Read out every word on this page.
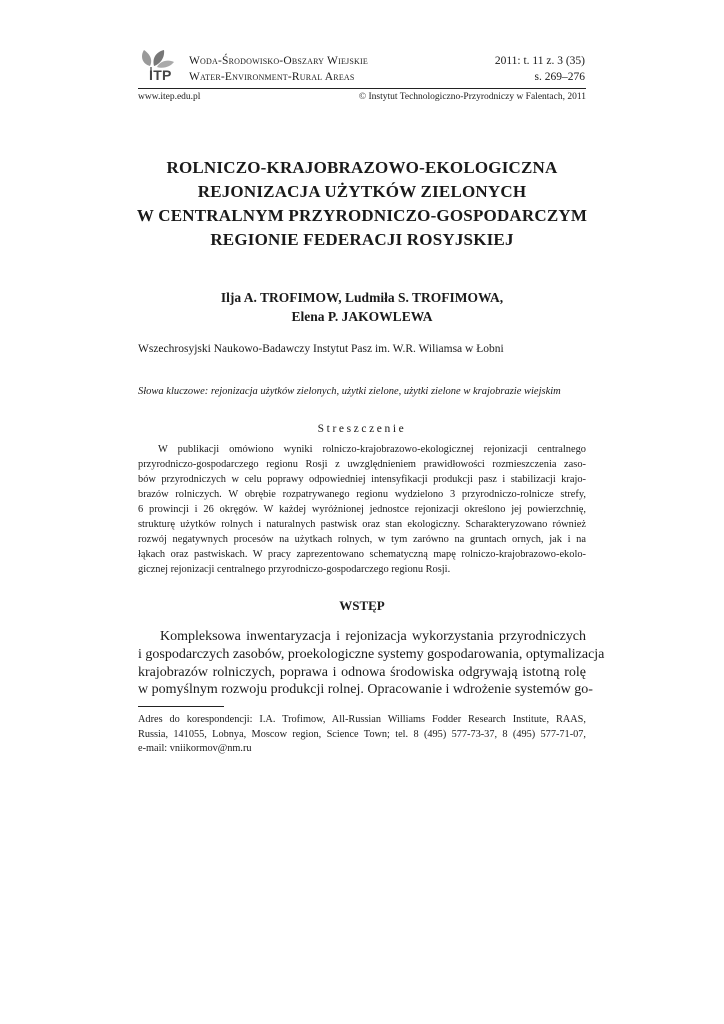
ITP
Woda-Środowisko-Obszary Wiejskie
Water-Environment-Rural Areas
2011: t. 11 z. 3 (35)
s. 269–276
www.itep.edu.pl	© Instytut Technologiczno-Przyrodniczy w Falentach, 2011
ROLNICZO-KRAJOBRAZOWO-EKOLOGICZNA
REJONIZACJA UŻYTKÓW ZIELONYCH
W CENTRALNYM PRZYRODNICZO-GOSPODARCZYM
REGIONIE FEDERACJI ROSYJSKIEJ
Ilja A. TROFIMOW, Ludmiła S. TROFIMOWA,
Elena P. JAKOWLEWA
Wszechrosyjski Naukowo-Badawczy Instytut Pasz im. W.R. Wiliamsa w Łobni
Słowa kluczowe: rejonizacja użytków zielonych, użytki zielone, użytki zielone w krajobrazie wiejskim
Streszczenie
W publikacji omówiono wyniki rolniczo-krajobrazowo-ekologicznej rejonizacji centralnego
przyrodniczo-gospodarczego regionu Rosji z uwzględnieniem prawidłowości rozmieszczenia zaso-
bów przyrodniczych w celu poprawy odpowiedniej intensyfikacji produkcji pasz i stabilizacji krajo-
brazów rolniczych. W obrębie rozpatrywanego regionu wydzielono 3 przyrodniczo-rolnicze strefy,
6 prowincji i 26 okręgów. W każdej wyróżnionej jednostce rejonizacji określono jej powierzchnię,
strukturę użytków rolnych i naturalnych pastwisk oraz stan ekologiczny. Scharakteryzowano również
rozwój negatywnych procesów na użytkach rolnych, w tym zarówno na gruntach ornych, jak i na
łąkach oraz pastwiskach. W pracy zaprezentowano schematyczną mapę rolniczo-krajobrazowo-ekolo-
gicznej rejonizacji centralnego przyrodniczo-gospodarczego regionu Rosji.
WSTĘP
Kompleksowa inwentaryzacja i rejonizacja wykorzystania przyrodniczych
i gospodarczych zasobów, proekologiczne systemy gospodarowania, optymalizacja
krajobrazów rolniczych, poprawa i odnowa środowiska odgrywają istotną rolę
w pomyślnym rozwoju produkcji rolnej. Opracowanie i wdrożenie systemów go-
Adres do korespondencji: I.A. Trofimow, All-Russian Williams Fodder Research Institute, RAAS,
Russia, 141055, Lobnya, Moscow region, Science Town; tel. 8 (495) 577-73-37, 8 (495) 577-71-07,
e-mail: vniikormov@nm.ru
